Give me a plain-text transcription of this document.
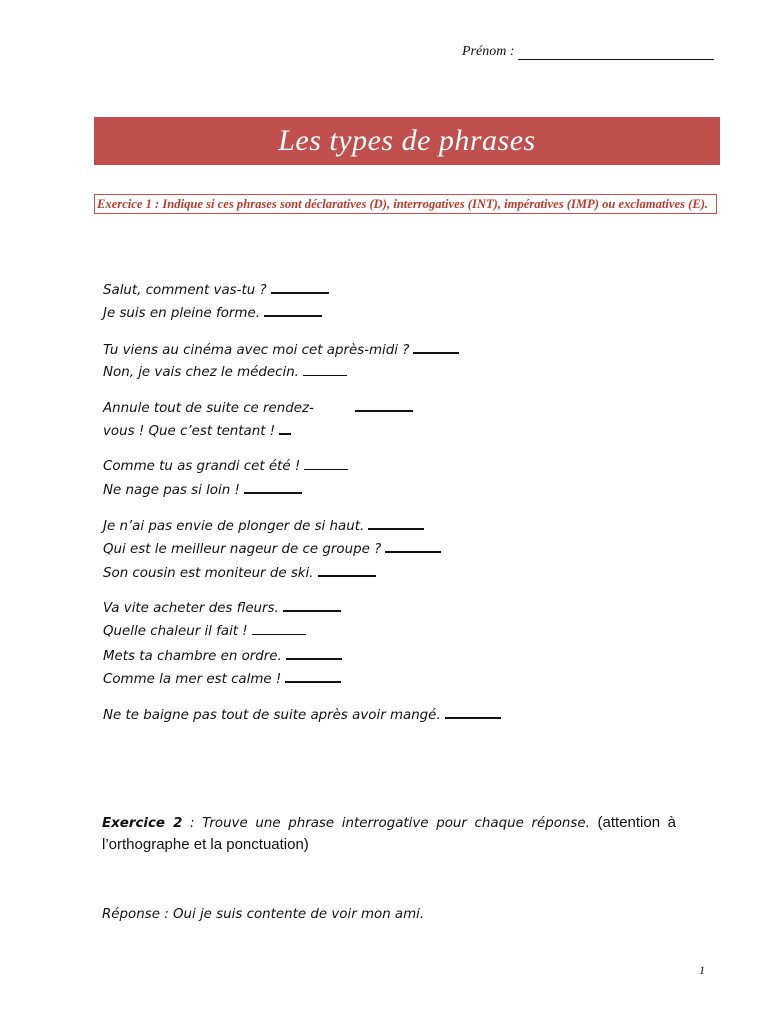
Prénom :
Les types de phrases
Exercice 1 : Indique si ces phrases sont déclaratives (D), interrogatives (INT), impératives (IMP) ou exclamatives (E).
Salut, comment vas-tu ?
Je suis en pleine forme.
Tu viens au cinéma avec moi cet après-midi ?
Non, je vais chez le médecin.
Annule tout de suite ce rendez-
vous ! Que c’est tentant !
Comme tu as grandi cet été !
Ne nage pas si loin !
Je n’ai pas envie de plonger de si haut.
Qui est le meilleur nageur de ce groupe ?
Son cousin est moniteur de ski.
Va vite acheter des fleurs.
Quelle chaleur il fait !
Mets ta chambre en ordre.
Comme la mer est calme !
Ne te baigne pas tout de suite après avoir mangé.
Exercice 2 : Trouve une phrase interrogative pour chaque réponse. (attention à l’orthographe et la ponctuation)
Réponse : Oui je suis contente de voir mon ami.
1
